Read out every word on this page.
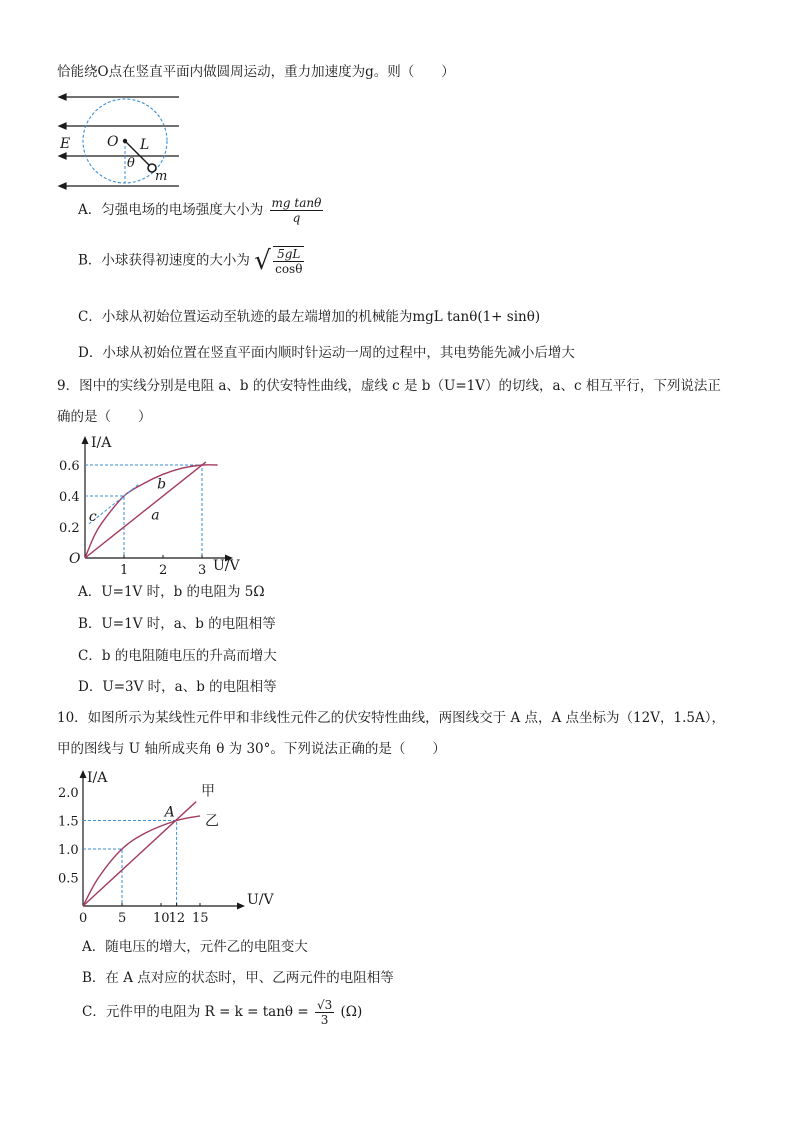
恰能绕O点在竖直平面内做圆周运动，重力加速度为g。则（　　）
E	O L
θ
m
A．匀强电场的电场强度大小为 $\frac{\text{mg tanθ}}{q}$
B．小球获得初速度的大小为 √ $\frac{5gL}{\cos\theta}$
C．小球从初始位置运动至轨迹的最左端增加的机械能为mgL tanθ(1+ sinθ)
D．小球从初始位置在竖直平面内顺时针运动一周的过程中，其电势能先减小后增大
9．图中的实线分别是电阻 a、b 的伏安特性曲线，虚线 c 是 b（U=1V）的切线，a、c 相互平行，下列说法正
确的是（　　）
1 2 3
0.2
0.4
0.6
O
I/A
U/V
b
a
c
A．U=1V 时，b 的电阻为 5Ω
B．U=1V 时，a、b 的电阻相等
C．b 的电阻随电压的升高而增大
D．U=3V 时，a、b 的电阻相等
10．如图所示为某线性元件甲和非线性元件乙的伏安特性曲线，两图线交于 A 点，A 点坐标为（12V，1.5A），
甲的图线与 U 轴所成夹角 θ 为 30°。下列说法正确的是（　　）
5 10 12 15
0.5
1.0
1.5
2.0
0
I/A
U/V
A
甲
乙
A．随电压的增大，元件乙的电阻变大
B．在 A 点对应的状态时，甲、乙两元件的电阻相等
C．元件甲的电阻为 $R = k = \tan\theta = \frac{√3}{3} (\Omega)$
